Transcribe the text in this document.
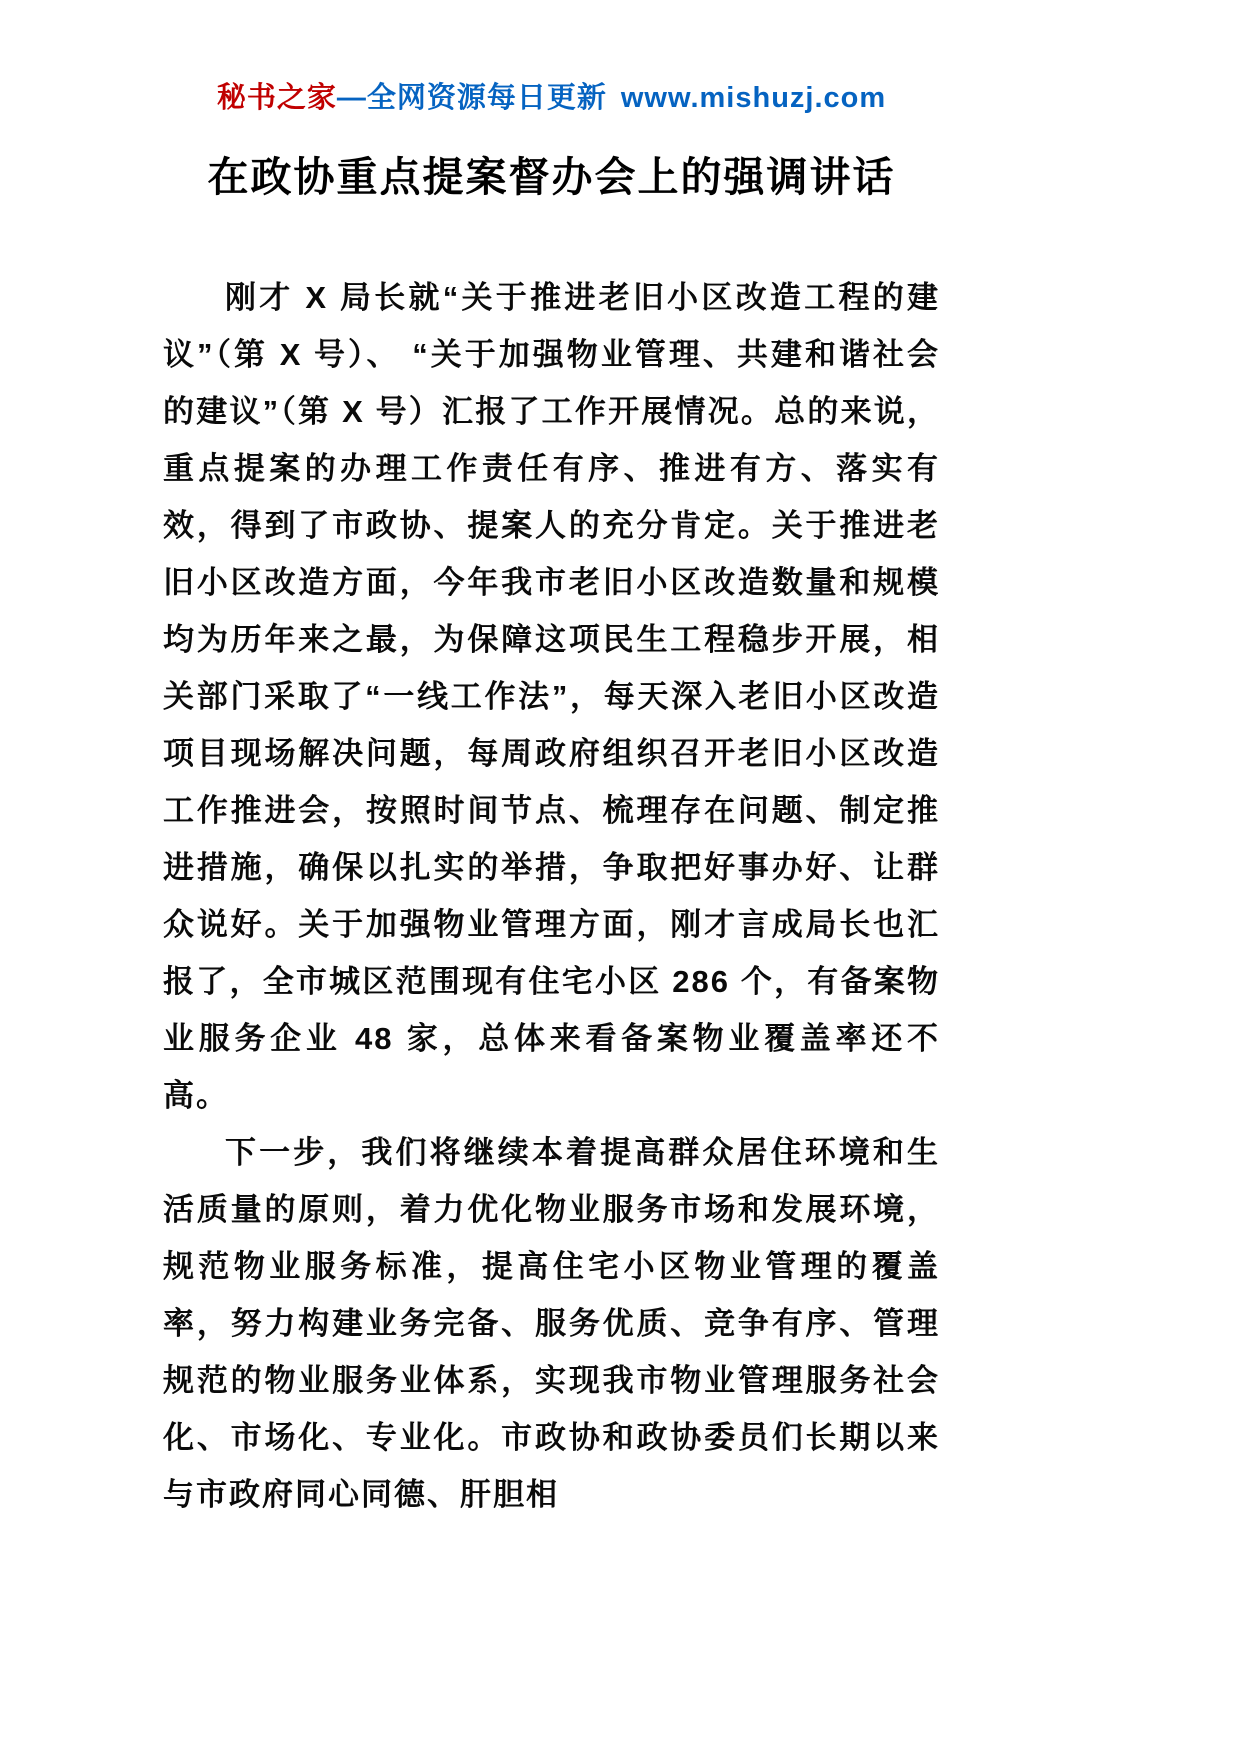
秘书之家—全网资源每日更新 www.mishuzj.com
在政协重点提案督办会上的强调讲话

刚才 X 局长就“关于推进老旧小区改造工程的建议”（第 X 号）、 “关于加强物业管理、共建和谐社会的建议”（第 X 号）汇报了工作开展情况。总的来说，重点提案的办理工作责任有序、推进有方、落实有效，得到了市政协、提案人的充分肯定。关于推进老旧小区改造方面，今年我市老旧小区改造数量和规模均为历年来之最，为保障这项民生工程稳步开展，相关部门采取了“一线工作法”，每天深入老旧小区改造项目现场解决问题，每周政府组织召开老旧小区改造工作推进会，按照时间节点、梳理存在问题、制定推进措施，确保以扎实的举措，争取把好事办好、让群众说好。关于加强物业管理方面，刚才言成局长也汇报了，全市城区范围现有住宅小区 286 个，有备案物业服务企业 48 家，总体来看备案物业覆盖率还不高。

下一步，我们将继续本着提高群众居住环境和生活质量的原则，着力优化物业服务市场和发展环境，规范物业服务标准，提高住宅小区物业管理的覆盖率，努力构建业务完备、服务优质、竞争有序、管理规范的物业服务业体系，实现我市物业管理服务社会化、市场化、专业化。市政协和政协委员们长期以来与市政府同心同德、肝胆相
